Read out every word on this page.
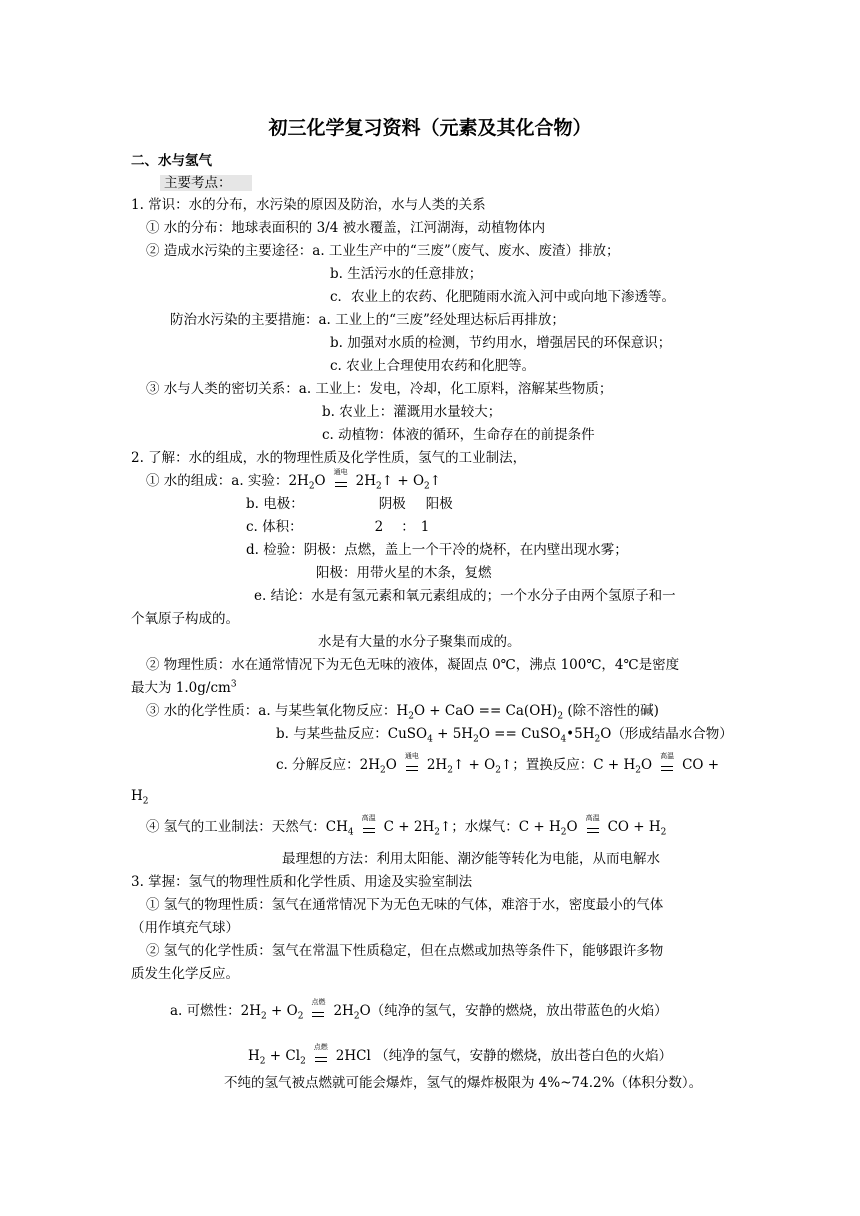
初三化学复习资料（元素及其化合物）
二、水与氢气
主要考点：
1. 常识：水的分布，水污染的原因及防治，水与人类的关系
① 水的分布：地球表面积的 3/4 被水覆盖，江河湖海，动植物体内
② 造成水污染的主要途径：a. 工业生产中的“三废”（废气、废水、废渣）排放；
b. 生活污水的任意排放；
c．农业上的农药、化肥随雨水流入河中或向地下渗透等。
防治水污染的主要措施：a. 工业上的“三废”经处理达标后再排放；
b. 加强对水质的检测，节约用水，增强居民的环保意识；
c. 农业上合理使用农药和化肥等。
③ 水与人类的密切关系：a. 工业上：发电，冷却，化工原料，溶解某些物质；
b. 农业上：灌溉用水量较大；
c. 动植物：体液的循环，生命存在的前提条件
2. 了解：水的组成，水的物理性质及化学性质，氢气的工业制法，
① 水的组成：a. 实验：$2H_2O$
通电
$2H_2↑$ + $O_2↑$
b. 电极：	阴极 阳极
c. 体积：	2 ： 1
d. 检验：阴极：点燃，盖上一个干冷的烧杯，在内壁出现水雾；
阳极：用带火星的木条，复燃
e. 结论：水是有氢元素和氧元素组成的；一个水分子由两个氢原子和一
个氧原子构成的。
水是有大量的水分子聚集而成的。
② 物理性质：水在通常情况下为无色无味的液体，凝固点 0℃，沸点 100℃，4℃是密度
最大为 $1.0g/cm^3$
③ 水的化学性质：a. 与某些氧化物反应：$H_2O$ + CaO == $Ca(OH)_2$ (除不溶性的碱)
b. 与某些盐反应：CuSO$_4$ + $5H_2O$ == $CuSO_4•5H_2O$（形成结晶水合物）
c. 分解反应：$2H_2O$
通电
$2H_2↑$ + $O_2↑$；置换反应：$C + H_2O$
高温
CO +
$H_2$
④ 氢气的工业制法：天然气：$CH_4$
高温
$C + 2H_2↑$；水煤气：$C + H_2O$
高温
CO + $H_2$
最理想的方法：利用太阳能、潮汐能等转化为电能，从而电解水
3. 掌握：氢气的物理性质和化学性质、用途及实验室制法
① 氢气的物理性质：氢气在通常情况下为无色无味的气体，难溶于水，密度最小的气体
（用作填充气球）
② 氢气的化学性质：氢气在常温下性质稳定，但在点燃或加热等条件下，能够跟许多物
质发生化学反应。
a. 可燃性：$2H_2 + O_2$
点燃
$2H_2O$（纯净的氢气，安静的燃烧，放出带蓝色的火焰）
$H_2 + Cl_2$
点燃
2HCl （纯净的氢气，安静的燃烧，放出苍白色的火焰）
不纯的氢气被点燃就可能会爆炸，氢气的爆炸极限为 4%~74.2%（体积分数）。
